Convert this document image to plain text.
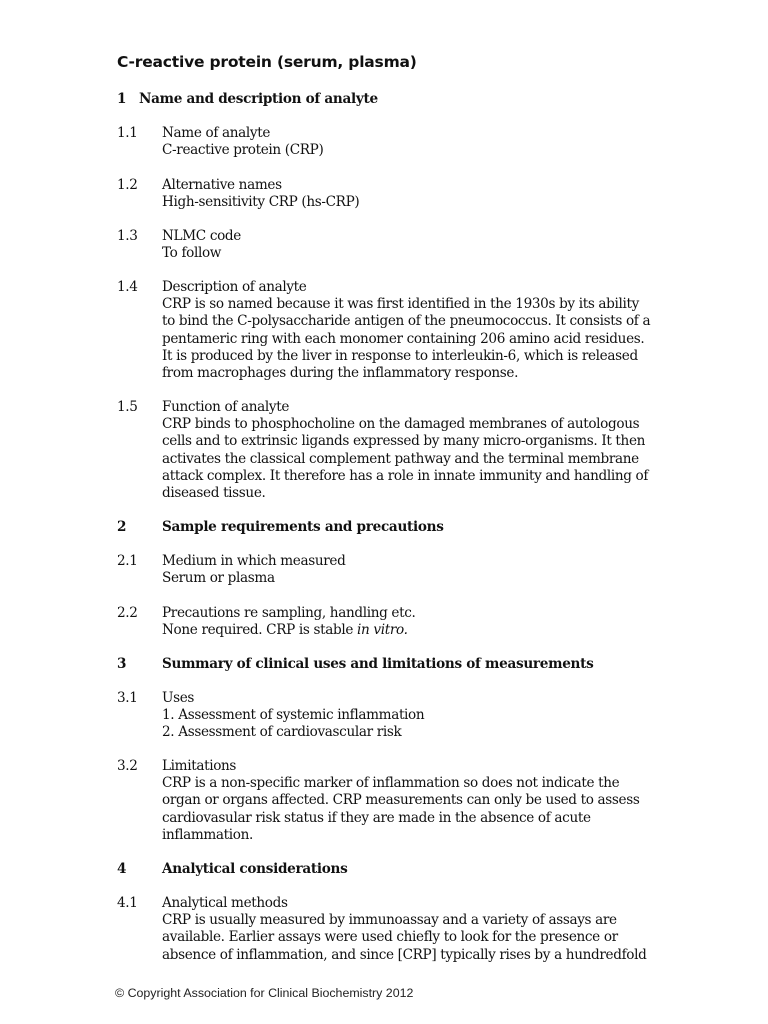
C-reactive protein (serum, plasma)
1 Name and description of analyte
2	Sample requirements and precautions
3	Summary of clinical uses and limitations of measurements
4	Analytical considerations
1.1 Name of analyte
C-reactive protein (CRP)
1.2 Alternative names
High-sensitivity CRP (hs-CRP)
1.3 NLMC code
To follow
1.4 Description of analyte
CRP is so named because it was first identified in the 1930s by its ability
to bind the C-polysaccharide antigen of the pneumococcus. It consists of a
pentameric ring with each monomer containing 206 amino acid residues.
It is produced by the liver in response to interleukin-6, which is released
from macrophages during the inflammatory response.
1.5 Function of analyte
CRP binds to phosphocholine on the damaged membranes of autologous
cells and to extrinsic ligands expressed by many micro-organisms. It then
activates the classical complement pathway and the terminal membrane
attack complex. It therefore has a role in innate immunity and handling of
diseased tissue.
2.1 Medium in which measured
Serum or plasma
2.2 Precautions re sampling, handling etc.
None required. CRP is stable in vitro.
3.1 Uses
1. Assessment of systemic inflammation
2. Assessment of cardiovascular risk
3.2 Limitations
CRP is a non-specific marker of inflammation so does not indicate the
organ or organs affected. CRP measurements can only be used to assess
cardiovasular risk status if they are made in the absence of acute
inflammation.
4.1 Analytical methods
CRP is usually measured by immunoassay and a variety of assays are
available. Earlier assays were used chiefly to look for the presence or
absence of inflammation, and since [CRP] typically rises by a hundredfold
© Copyright Association for Clinical Biochemistry 2012
